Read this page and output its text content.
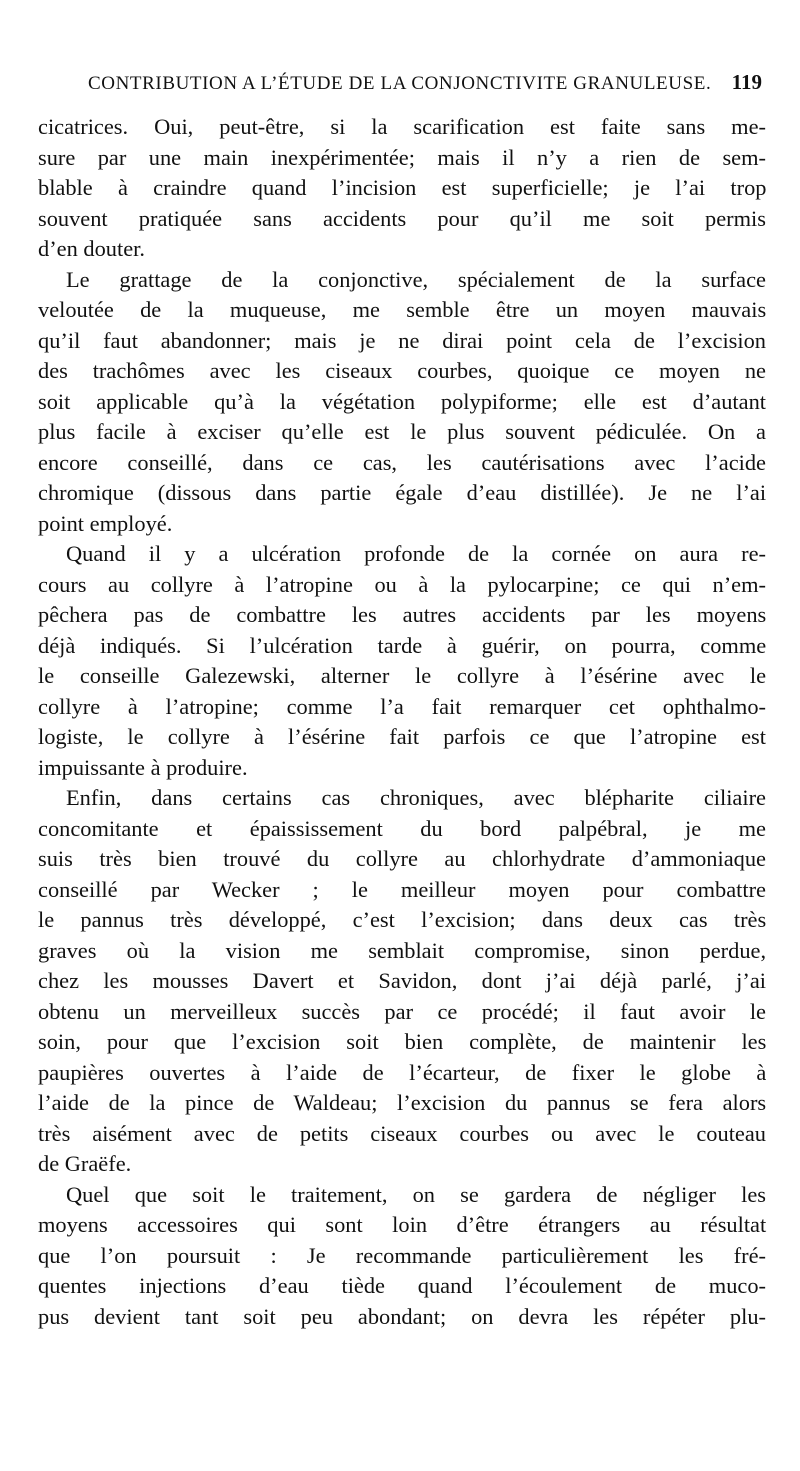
CONTRIBUTION A L’ÉTUDE DE LA CONJONCTIVITE GRANULEUSE. 119

cicatrices. Oui, peut-être, si la scarification est faite sans me-
sure par une main inexpérimentée; mais il n’y a rien de sem-
blable à craindre quand l’incision est superficielle; je l’ai trop
souvent pratiquée sans accidents pour qu’il me soit permis
d’en douter.

Le grattage de la conjonctive, spécialement de la surface
veloutée de la muqueuse, me semble être un moyen mauvais
qu’il faut abandonner; mais je ne dirai point cela de l’excision
des trachômes avec les ciseaux courbes, quoique ce moyen ne
soit applicable qu’à la végétation polypiforme; elle est d’autant
plus facile à exciser qu’elle est le plus souvent pédiculée. On a
encore conseillé, dans ce cas, les cautérisations avec l’acide
chromique (dissous dans partie égale d’eau distillée). Je ne l’ai
point employé.

Quand il y a ulcération profonde de la cornée on aura re-
cours au collyre à l’atropine ou à la pylocarpine; ce qui n’em-
pêchera pas de combattre les autres accidents par les moyens
déjà indiqués. Si l’ulcération tarde à guérir, on pourra, comme
le conseille Galezewski, alterner le collyre à l’ésérine avec le
collyre à l’atropine; comme l’a fait remarquer cet ophthalmo-
logiste, le collyre à l’ésérine fait parfois ce que l’atropine est
impuissante à produire.

Enfin, dans certains cas chroniques, avec blépharite ciliaire
concomitante et épaississement du bord palpébral, je me
suis très bien trouvé du collyre au chlorhydrate d’ammoniaque
conseillé par Wecker ; le meilleur moyen pour combattre
le pannus très développé, c’est l’excision; dans deux cas très
graves où la vision me semblait compromise, sinon perdue,
chez les mousses Davert et Savidon, dont j’ai déjà parlé, j’ai
obtenu un merveilleux succès par ce procédé; il faut avoir le
soin, pour que l’excision soit bien complète, de maintenir les
paupières ouvertes à l’aide de l’écarteur, de fixer le globe à
l’aide de la pince de Waldeau; l’excision du pannus se fera alors
très aisément avec de petits ciseaux courbes ou avec le couteau
de Graëfe.

Quel que soit le traitement, on se gardera de négliger les
moyens accessoires qui sont loin d’être étrangers au résultat
que l’on poursuit : Je recommande particulièrement les fré-
quentes injections d’eau tiède quand l’écoulement de muco-
pus devient tant soit peu abondant; on devra les répéter plu-
